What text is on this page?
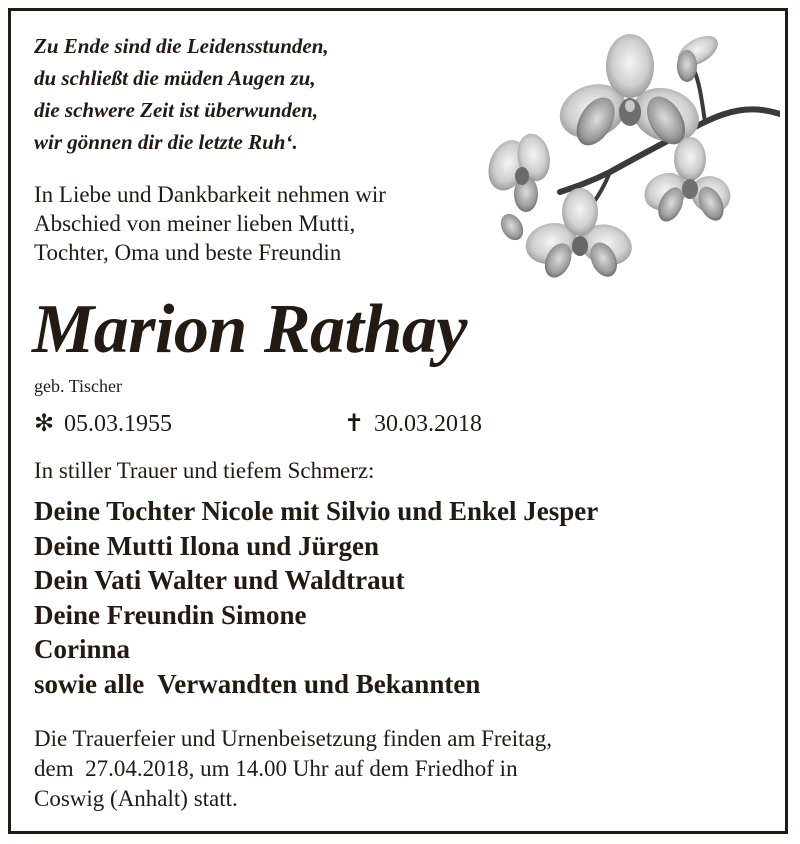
Zu Ende sind die Leidensstunden,
du schließt die müden Augen zu,
die schwere Zeit ist überwunden,
wir gönnen dir die letzte Ruh‘.
In Liebe und Dankbarkeit nehmen wir
Abschied von meiner lieben Mutti,
Tochter, Oma und beste Freundin
Marion Rathay
geb. Tischer
✻ 05.03.1955	✝ 30.03.2018
In stiller Trauer und tiefem Schmerz:
Deine Tochter Nicole mit Silvio und Enkel Jesper
Deine Mutti Ilona und Jürgen
Dein Vati Walter und Waldtraut
Deine Freundin Simone
Corinna
sowie alle  Verwandten und Bekannten
Die Trauerfeier und Urnenbeisetzung finden am Freitag,
dem  27.04.2018, um 14.00 Uhr auf dem Friedhof in
Coswig (Anhalt) statt.
